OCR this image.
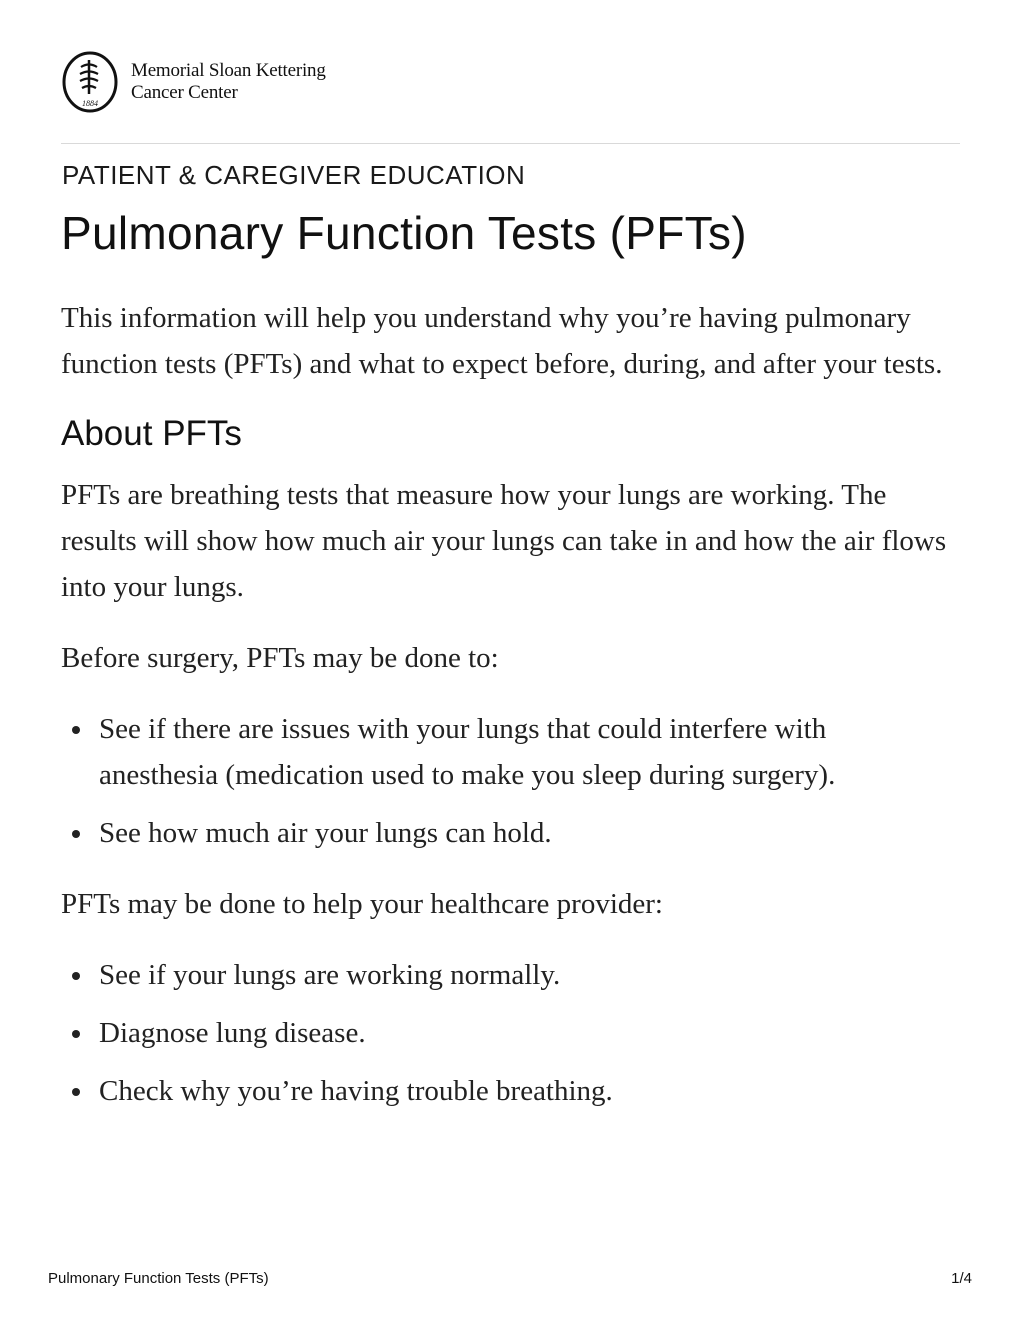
1884
Memorial Sloan Kettering
Cancer Center

PATIENT & CAREGIVER EDUCATION

Pulmonary Function Tests (PFTs)

This information will help you understand why you’re having pulmonary function tests (PFTs) and what to expect before, during, and after your tests.

About PFTs

PFTs are breathing tests that measure how your lungs are working. The results will show how much air your lungs can take in and how the air flows into your lungs.

Before surgery, PFTs may be done to:

See if there are issues with your lungs that could interfere with anesthesia (medication used to make you sleep during surgery).
See how much air your lungs can hold.

PFTs may be done to help your healthcare provider:

See if your lungs are working normally.
Diagnose lung disease.
Check why you’re having trouble breathing.
Pulmonary Function Tests (PFTs)	1/4
